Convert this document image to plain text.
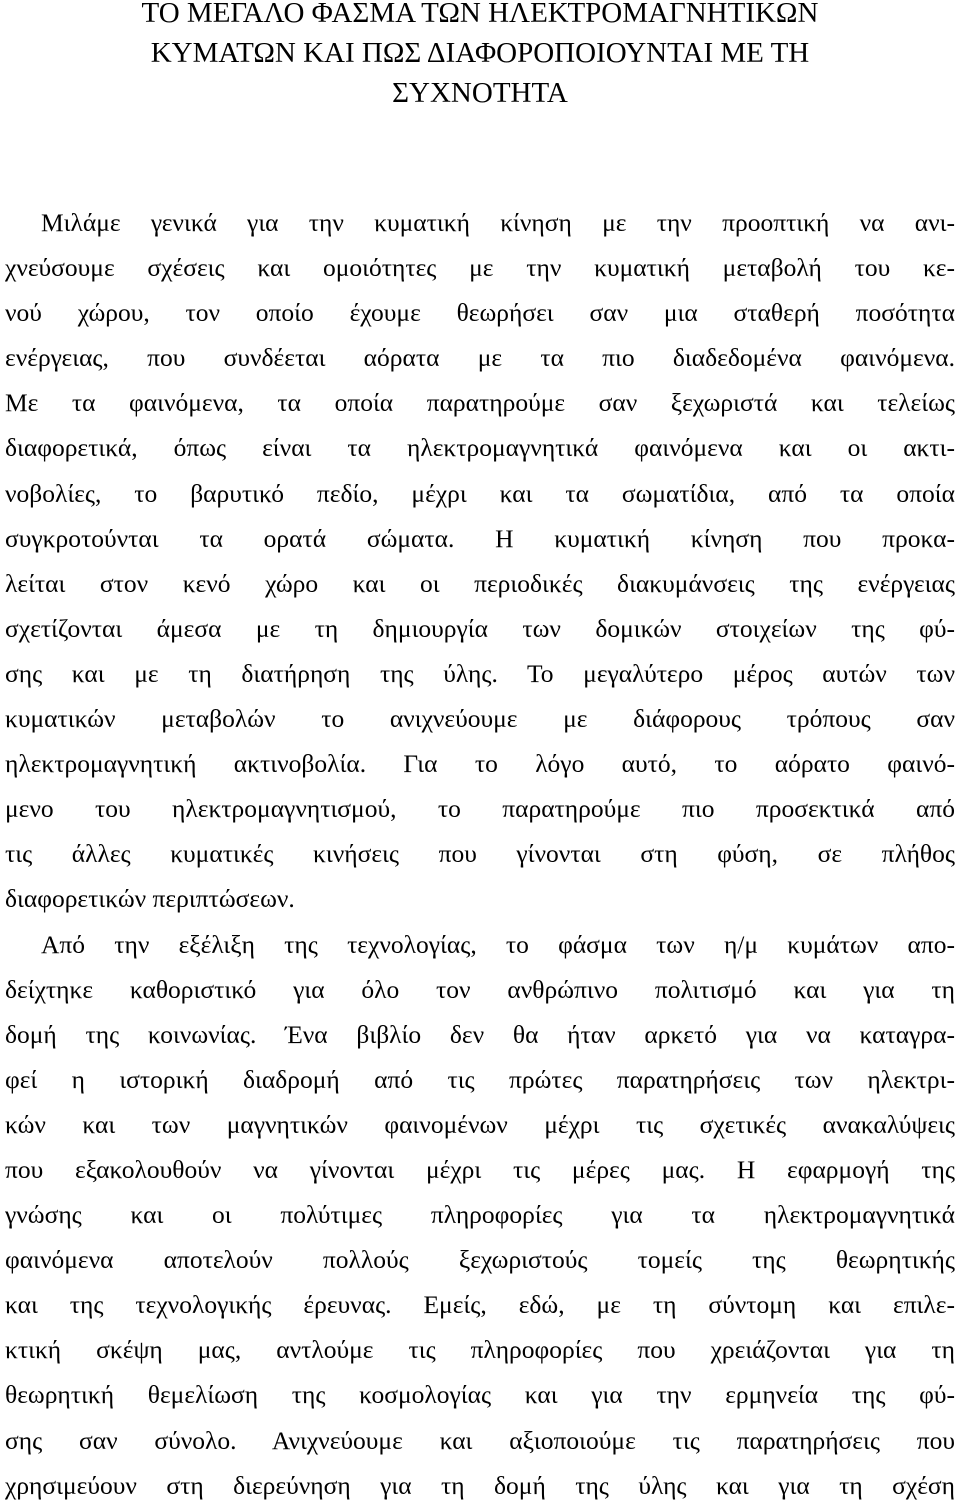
ΤΟ ΜΕΓΑΛΟ ΦΑΣΜΑ ΤΩΝ ΗΛΕΚΤΡΟΜΑΓΝΗΤΙΚΩΝ
ΚΥΜΑΤΩΝ ΚΑΙ ΠΩΣ ΔΙΑΦΟΡΟΠΟΙΟΥΝΤΑΙ ΜΕ ΤΗ
ΣΥΧΝΟΤΗΤΑ

Μιλάμε γενικά για την κυματική κίνηση με την προοπτική να ανι-
χνεύσουμε σχέσεις και ομοιότητες με την κυματική μεταβολή του κε-
νού χώρου, τον οποίο έχουμε θεωρήσει σαν μια σταθερή ποσότητα
ενέργειας, που συνδέεται αόρατα με τα πιο διαδεδομένα φαινόμενα.
Με τα φαινόμενα, τα οποία παρατηρούμε σαν ξεχωριστά και τελείως
διαφορετικά, όπως είναι τα ηλεκτρομαγνητικά φαινόμενα και οι ακτι-
νοβολίες, το βαρυτικό πεδίο, μέχρι και τα σωματίδια, από τα οποία
συγκροτούνται τα ορατά σώματα. Η κυματική κίνηση που προκα-
λείται στον κενό χώρο και οι περιοδικές διακυμάνσεις της ενέργειας
σχετίζονται άμεσα με τη δημιουργία των δομικών στοιχείων της φύ-
σης και με τη διατήρηση της ύλης. Το μεγαλύτερο μέρος αυτών των
κυματικών μεταβολών το ανιχνεύουμε με διάφορους τρόπους σαν
ηλεκτρομαγνητική ακτινοβολία. Για το λόγο αυτό, το αόρατο φαινό-
μενο του ηλεκτρομαγνητισμού, το παρατηρούμε πιο προσεκτικά από
τις άλλες κυματικές κινήσεις που γίνονται στη φύση, σε πλήθος
διαφορετικών περιπτώσεων.

Από την εξέλιξη της τεχνολογίας, το φάσμα των η/μ κυμάτων απο-
δείχτηκε καθοριστικό για όλο τον ανθρώπινο πολιτισμό και για τη
δομή της κοινωνίας. Ένα βιβλίο δεν θα ήταν αρκετό για να καταγρα-
φεί η ιστορική διαδρομή από τις πρώτες παρατηρήσεις των ηλεκτρι-
κών και των μαγνητικών φαινομένων μέχρι τις σχετικές ανακαλύψεις
που εξακολουθούν να γίνονται μέχρι τις μέρες μας. Η εφαρμογή της
γνώσης και οι πολύτιμες πληροφορίες για τα ηλεκτρομαγνητικά
φαινόμενα αποτελούν πολλούς ξεχωριστούς τομείς της θεωρητικής
και της τεχνολογικής έρευνας. Εμείς, εδώ, με τη σύντομη και επιλε-
κτική σκέψη μας, αντλούμε τις πληροφορίες που χρειάζονται για τη
θεωρητική θεμελίωση της κοσμολογίας και για την ερμηνεία της φύ-
σης σαν σύνολο. Ανιχνεύουμε και αξιοποιούμε τις παρατηρήσεις που
χρησιμεύουν στη διερεύνηση για τη δομή της ύλης και για τη σχέση
